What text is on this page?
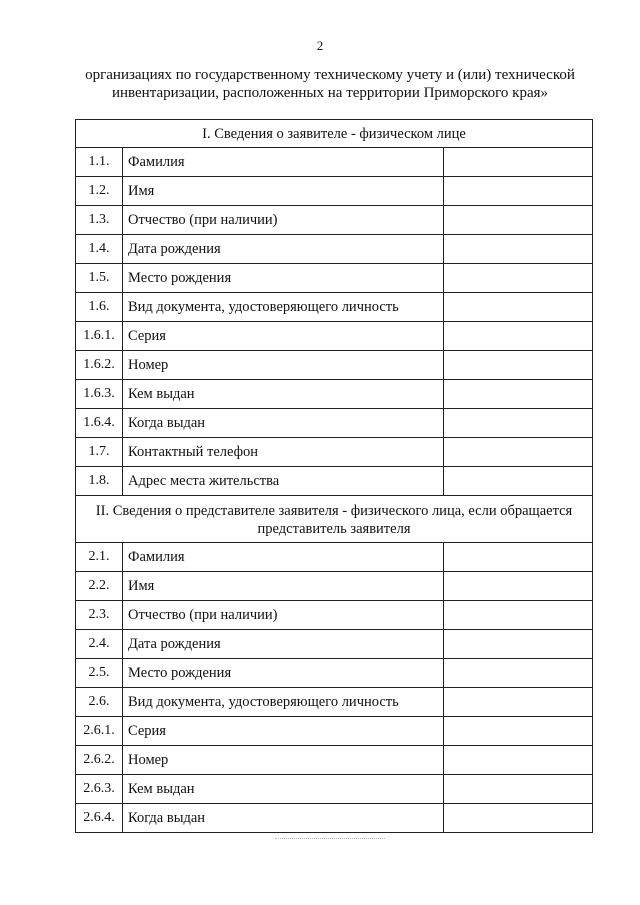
2
организациях по государственному техническому учету и (или) технической
инвентаризации, расположенных на территории Приморского края»
I. Сведения о заявителе - физическом лице		
1.1.	Фамилия	
1.2.	Имя	
1.3.	Отчество (при наличии)	
1.4.	Дата рождения	
1.5.	Место рождения	
1.6.	Вид документа, удостоверяющего личность	
1.6.1.	Серия	
1.6.2.	Номер	
1.6.3.	Кем выдан	
1.6.4.	Когда выдан	
1.7.	Контактный телефон	
1.8.	Адрес места жительства	

II. Сведения о представителе заявителя - физического лица, если обращается
представитель заявителя		

2.1.	Фамилия	
2.2.	Имя	
2.3.	Отчество (при наличии)	
2.4.	Дата рождения	
2.5.	Место рождения	
2.6.	Вид документа, удостоверяющего личность	
2.6.1.	Серия	
2.6.2.	Номер	
2.6.3.	Кем выдан	
2.6.4.	Когда выдан	
